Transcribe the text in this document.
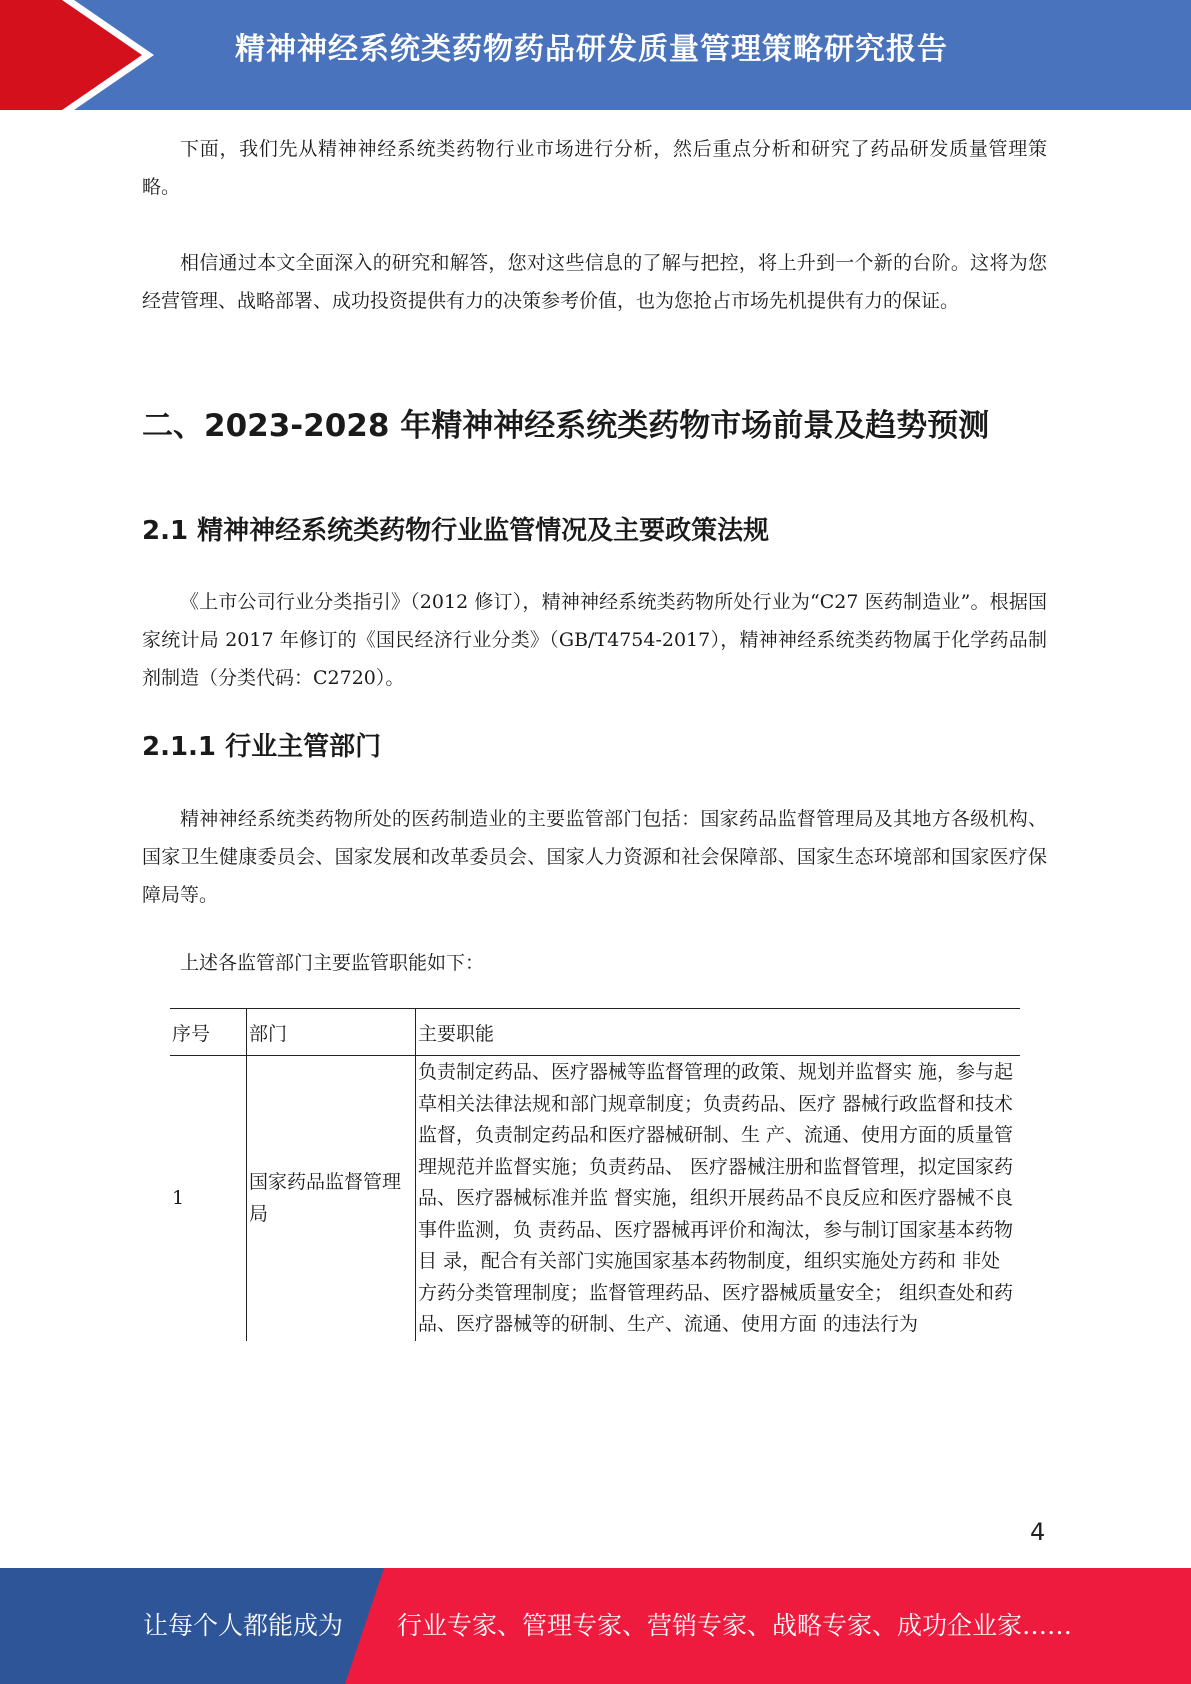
精神神经系统类药物药品研发质量管理策略研究报告

下面，我们先从精神神经系统类药物行业市场进行分析，然后重点分析和研究了药品研发质量管理策略。

相信通过本文全面深入的研究和解答，您对这些信息的了解与把控，将上升到一个新的台阶。这将为您经营管理、战略部署、成功投资提供有力的决策参考价值，也为您抢占市场先机提供有力的保证。

二、2023-2028 年精神神经系统类药物市场前景及趋势预测
2.1 精神神经系统类药物行业监管情况及主要政策法规

《上市公司行业分类指引》（2012 修订），精神神经系统类药物所处行业为“C27 医药制造业”。根据国家统计局 2017 年修订的《国民经济行业分类》（GB/T4754-2017），精神神经系统类药物属于化学药品制剂制造（分类代码：C2720）。

2.1.1 行业主管部门

精神神经系统类药物所处的医药制造业的主要监管部门包括：国家药品监督管理局及其地方各级机构、国家卫生健康委员会、国家发展和改革委员会、国家人力资源和社会保障部、国家生态环境部和国家医疗保障局等。

上述各监管部门主要监管职能如下：

序号	部门	主要职能
1	国家药品监督管理局	负责制定药品、医疗器械等监督管理的政策、规划并监督实 施，参与起草相关法律法规和部门规章制度；负责药品、医疗 器械行政监督和技术监督，负责制定药品和医疗器械研制、生 产、流通、使用方面的质量管理规范并监督实施；负责药品、 医疗器械注册和监督管理，拟定国家药品、医疗器械标准并监 督实施，组织开展药品不良反应和医疗器械不良事件监测，负 责药品、医疗器械再评价和淘汰，参与制订国家基本药物目 录，配合有关部门实施国家基本药物制度，组织实施处方药和 非处方药分类管理制度；监督管理药品、医疗器械质量安全； 组织查处和药品、医疗器械等的研制、生产、流通、使用方面 的违法行为
4
让每个人都能成为 行业专家、管理专家、营销专家、战略专家、成功企业家……
